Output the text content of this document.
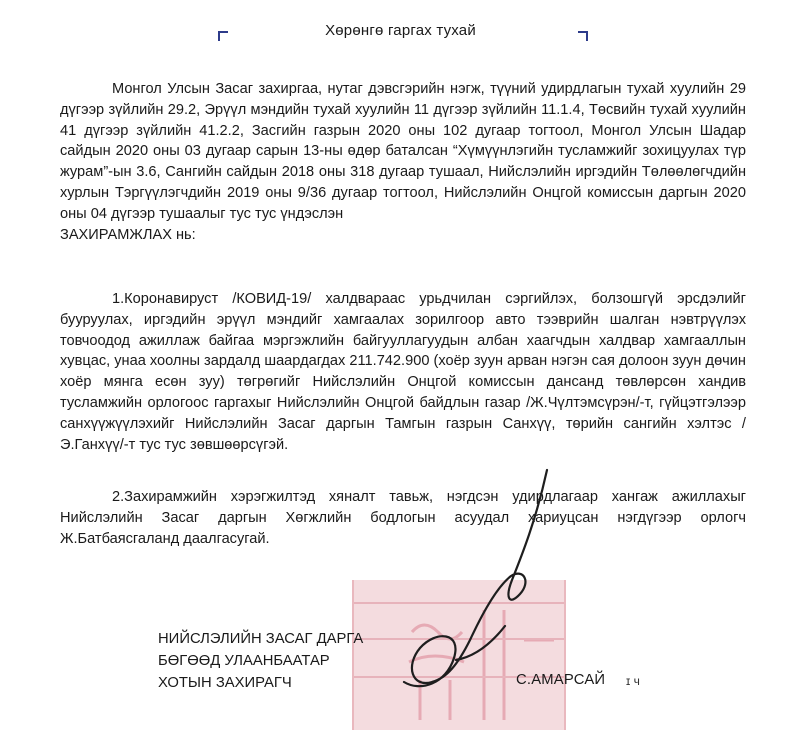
Хөрөнгө гаргах тухай
Монгол Улсын Засаг захиргаа, нутаг дэвсгэрийн нэгж, түүний удирдлагын тухай хуулийн 29 дүгээр зүйлийн 29.2, Эрүүл мэндийн тухай хуулийн 11 дүгээр зүйлийн 11.1.4, Төсвийн тухай хуулийн 41 дүгээр зүйлийн 41.2.2, Засгийн газрын 2020 оны 102 дугаар тогтоол, Монгол Улсын Шадар сайдын 2020 оны 03 дугаар сарын 13-ны өдөр баталсан “Хүмүүнлэгийн тусламжийг зохицуулах түр журам”-ын 3.6, Сангийн сайдын 2018 оны 318 дугаар тушаал, Нийслэлийн иргэдийн Төлөөлөгчдийн хурлын Тэргүүлэгчдийн 2019 оны 9/36 дугаар тогтоол, Нийслэлийн Онцгой комиссын даргын 2020 оны 04 дүгээр тушаалыг тус тус үндэслэн
ЗАХИРАМЖЛАХ нь:
1.Коронавируст /КОВИД-19/ халдвараас урьдчилан сэргийлэх, болзошгүй эрсдэлийг бууруулах, иргэдийн эрүүл мэндийг хамгаалах зорилгоор авто тээврийн шалган нэвтрүүлэх товчоодод ажиллаж байгаа мэргэжлийн байгууллагуудын албан хаагчдын халдвар хамгааллын хувцас, унаа хоолны зардалд шаардагдах 211.742.900 (хоёр зуун арван нэгэн сая долоон зуун дөчин хоёр мянга есөн зуу) төгрөгийг Нийслэлийн Онцгой комиссын дансанд төвлөрсөн хандив тусламжийн орлогоос гаргахыг Нийслэлийн Онцгой байдлын газар /Ж.Чүлтэмсүрэн/-т, гүйцэтгэлээр санхүүжүүлэхийг Нийслэлийн Засаг даргын Тамгын газрын Санхүү, төрийн сангийн хэлтэс /Э.Ганхүү/-т тус тус зөвшөөрсүгэй.
2.Захирамжийн хэрэгжилтэд хяналт тавьж, нэгдсэн удирдлагаар хангаж ажиллахыг Нийслэлийн Засаг даргын Хөгжлийн бодлогын асуудал хариуцсан нэгдүгээр орлогч Ж.Батбаясгаланд даалгасугай.
НИЙСЛЭЛИЙН ЗАСАГ ДАРГА
БӨГӨӨД УЛААНБААТАР
ХОТЫН ЗАХИРАГЧ	С.АМАРСАЙ ɪ ч
